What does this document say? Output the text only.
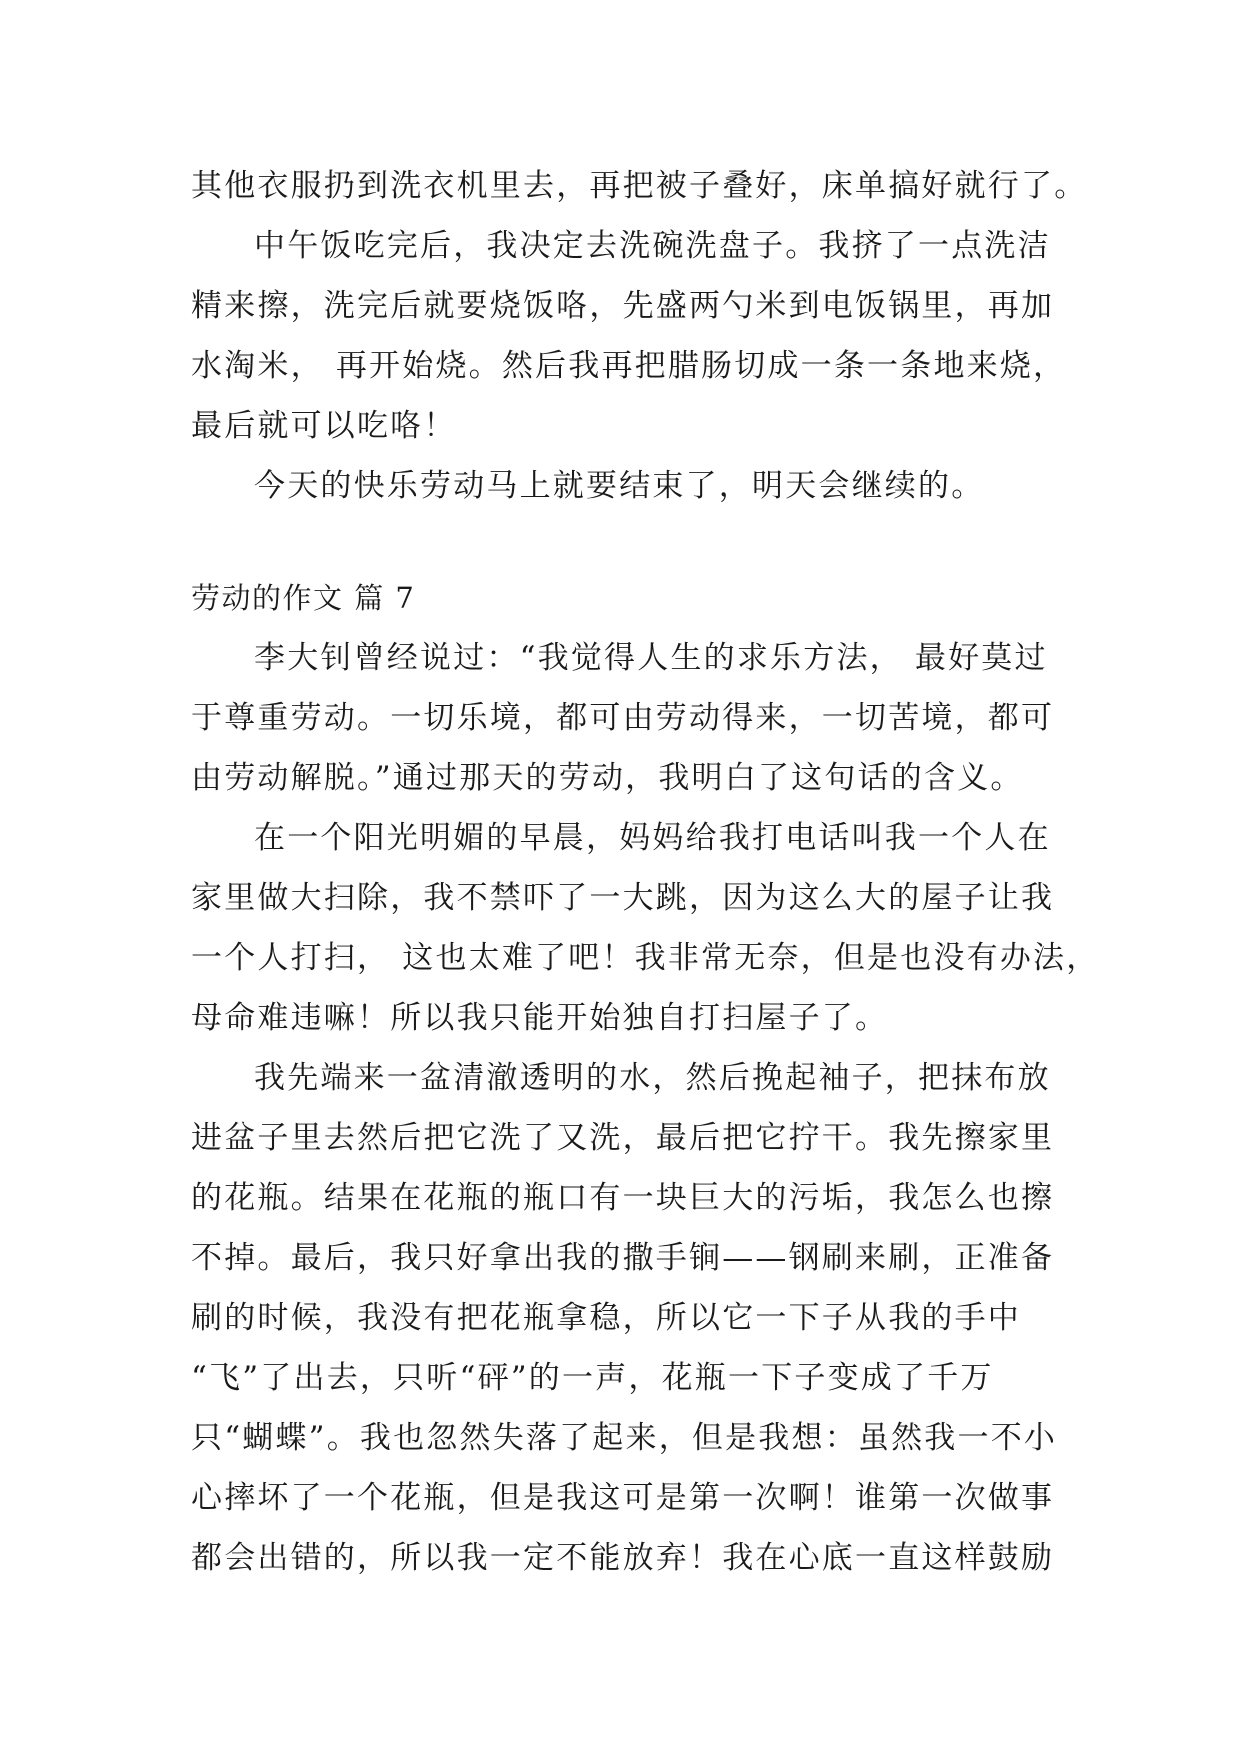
其他衣服扔到洗衣机里去，再把被子叠好，床单搞好就行了。
中午饭吃完后，我决定去洗碗洗盘子。我挤了一点洗洁
精来擦，洗完后就要烧饭咯，先盛两勺米到电饭锅里，再加
水淘米， 再开始烧。然后我再把腊肠切成一条一条地来烧，
最后就可以吃咯！
今天的快乐劳动马上就要结束了，明天会继续的。
劳动的作文 篇 7
李大钊曾经说过：“我觉得人生的求乐方法， 最好莫过
于尊重劳动。一切乐境，都可由劳动得来，一切苦境，都可
由劳动解脱。”通过那天的劳动，我明白了这句话的含义。
在一个阳光明媚的早晨，妈妈给我打电话叫我一个人在
家里做大扫除，我不禁吓了一大跳，因为这么大的屋子让我
一个人打扫， 这也太难了吧！我非常无奈，但是也没有办法，
母命难违嘛！所以我只能开始独自打扫屋子了。
我先端来一盆清澈透明的水，然后挽起袖子，把抹布放
进盆子里去然后把它洗了又洗，最后把它拧干。我先擦家里
的花瓶。结果在花瓶的瓶口有一块巨大的污垢，我怎么也擦
不掉。最后，我只好拿出我的撒手锏——钢刷来刷，正准备
刷的时候，我没有把花瓶拿稳，所以它一下子从我的手中
“飞”了出去，只听“砰”的一声，花瓶一下子变成了千万
只“蝴蝶”。我也忽然失落了起来，但是我想：虽然我一不小
心摔坏了一个花瓶，但是我这可是第一次啊！谁第一次做事
都会出错的，所以我一定不能放弃！我在心底一直这样鼓励
